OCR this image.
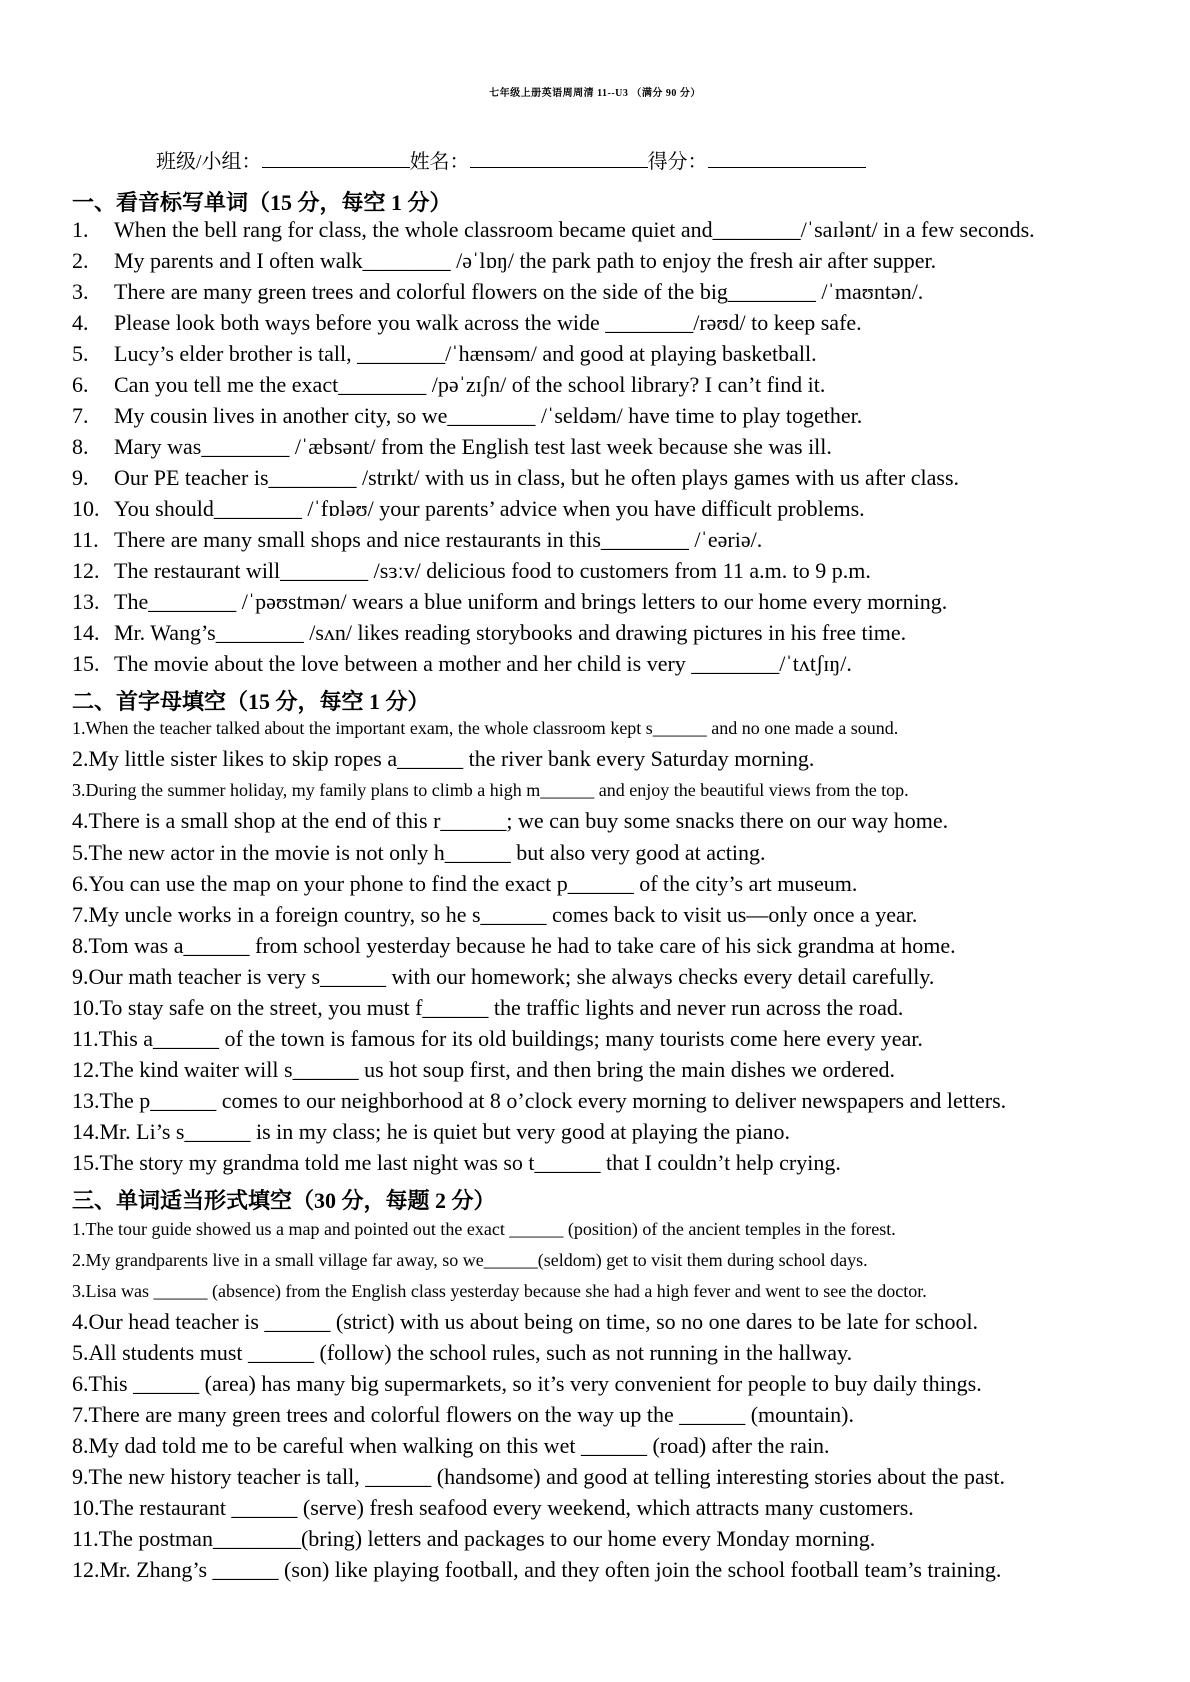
七年级上册英语周周清 11--U3 （满分 90 分）
班级/小组：	姓名：	得分：
一、看音标写单词（15 分，每空 1 分）
1. When the bell rang for class, the whole classroom became quiet and________/ˈsaɪlənt/ in a few seconds.
2. My parents and I often walk________ /əˈlɒŋ/ the park path to enjoy the fresh air after supper.
3. There are many green trees and colorful flowers on the side of the big________ /ˈmaʊntən/.
4. Please look both ways before you walk across the wide ________/rəʊd/ to keep safe.
5. Lucy’s elder brother is tall, ________/ˈhænsəm/ and good at playing basketball.
6. Can you tell me the exact________ /pəˈzɪʃn/ of the school library? I can’t find it.
7. My cousin lives in another city, so we________ /ˈseldəm/ have time to play together.
8. Mary was________ /ˈæbsənt/ from the English test last week because she was ill.
9. Our PE teacher is________ /strɪkt/ with us in class, but he often plays games with us after class.
10. You should________ /ˈfɒləʊ/ your parents’ advice when you have difficult problems.
11. There are many small shops and nice restaurants in this________ /ˈeəriə/.
12. The restaurant will________ /sɜːv/ delicious food to customers from 11 a.m. to 9 p.m.
13. The________ /ˈpəʊstmən/ wears a blue uniform and brings letters to our home every morning.
14. Mr. Wang’s________ /sʌn/ likes reading storybooks and drawing pictures in his free time.
15. The movie about the love between a mother and her child is very ________/ˈtʌtʃɪŋ/.
二、首字母填空（15 分，每空 1 分）
1.When the teacher talked about the important exam, the whole classroom kept s______ and no one made a sound.
2.My little sister likes to skip ropes a______ the river bank every Saturday morning.
3.During the summer holiday, my family plans to climb a high m______ and enjoy the beautiful views from the top.
4.There is a small shop at the end of this r______; we can buy some snacks there on our way home.
5.The new actor in the movie is not only h______ but also very good at acting.
6.You can use the map on your phone to find the exact p______ of the city’s art museum.
7.My uncle works in a foreign country, so he s______ comes back to visit us—only once a year.
8.Tom was a______ from school yesterday because he had to take care of his sick grandma at home.
9.Our math teacher is very s______ with our homework; she always checks every detail carefully.
10.To stay safe on the street, you must f______ the traffic lights and never run across the road.
11.This a______ of the town is famous for its old buildings; many tourists come here every year.
12.The kind waiter will s______ us hot soup first, and then bring the main dishes we ordered.
13.The p______ comes to our neighborhood at 8 o’clock every morning to deliver newspapers and letters.
14.Mr. Li’s s______ is in my class; he is quiet but very good at playing the piano.
15.The story my grandma told me last night was so t______ that I couldn’t help crying.
三、单词适当形式填空（30 分，每题 2 分）
1.The tour guide showed us a map and pointed out the exact ______ (position) of the ancient temples in the forest.
2.My grandparents live in a small village far away, so we______(seldom) get to visit them during school days.
3.Lisa was ______ (absence) from the English class yesterday because she had a high fever and went to see the doctor.
4.Our head teacher is ______ (strict) with us about being on time, so no one dares to be late for school.
5.All students must ______ (follow) the school rules, such as not running in the hallway.
6.This ______ (area) has many big supermarkets, so it’s very convenient for people to buy daily things.
7.There are many green trees and colorful flowers on the way up the ______ (mountain).
8.My dad told me to be careful when walking on this wet ______ (road) after the rain.
9.The new history teacher is tall, ______ (handsome) and good at telling interesting stories about the past.
10.The restaurant ______ (serve) fresh seafood every weekend, which attracts many customers.
11.The postman________(bring) letters and packages to our home every Monday morning.
12.Mr. Zhang’s ______ (son) like playing football, and they often join the school football team’s training.
